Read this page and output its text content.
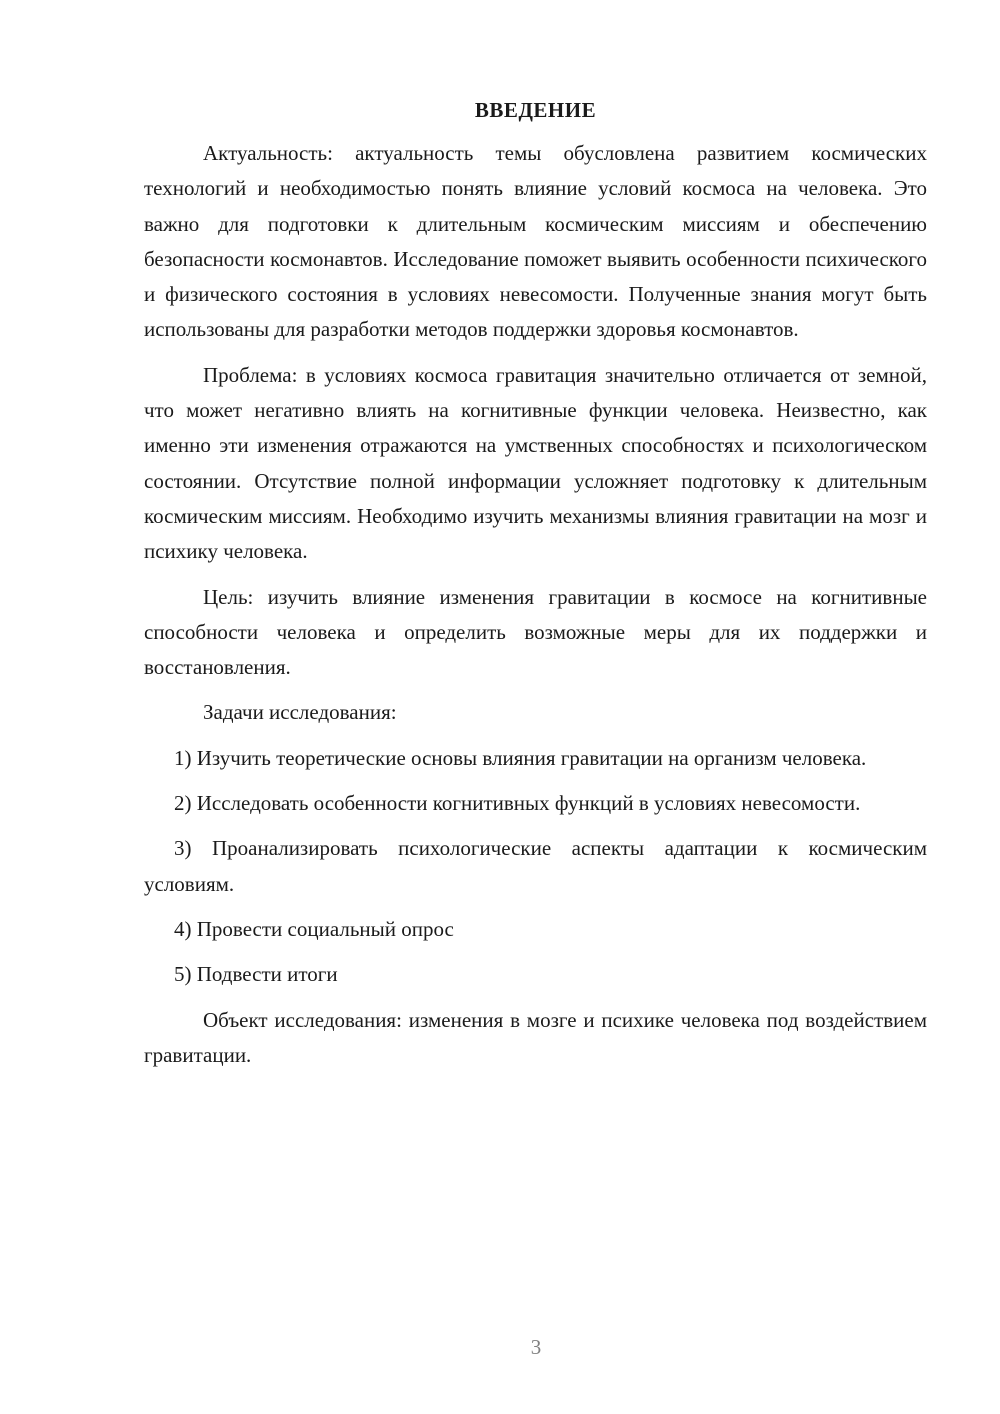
ВВЕДЕНИЕ

Актуальность: актуальность темы обусловлена развитием космических технологий и необходимостью понять влияние условий космоса на человека. Это важно для подготовки к длительным космическим миссиям и обеспечению безопасности космонавтов. Исследование поможет выявить особенности психического и физического состояния в условиях невесомости. Полученные знания могут быть использованы для разработки методов поддержки здоровья космонавтов.

Проблема: в условиях космоса гравитация значительно отличается от земной, что может негативно влиять на когнитивные функции человека. Неизвестно, как именно эти изменения отражаются на умственных способностях и психологическом состоянии. Отсутствие полной информации усложняет подготовку к длительным космическим миссиям. Необходимо изучить механизмы влияния гравитации на мозг и психику человека.

Цель: изучить влияние изменения гравитации в космосе на когнитивные способности человека и определить возможные меры для их поддержки и восстановления.

Задачи исследования:

1) Изучить теоретические основы влияния гравитации на организм человека.

2) Исследовать особенности когнитивных функций в условиях невесомости.

3) Проанализировать психологические аспекты адаптации к космическим условиям.

4) Провести социальный опрос

5) Подвести итоги

Объект исследования: изменения в мозге и психике человека под воздействием гравитации.

3
